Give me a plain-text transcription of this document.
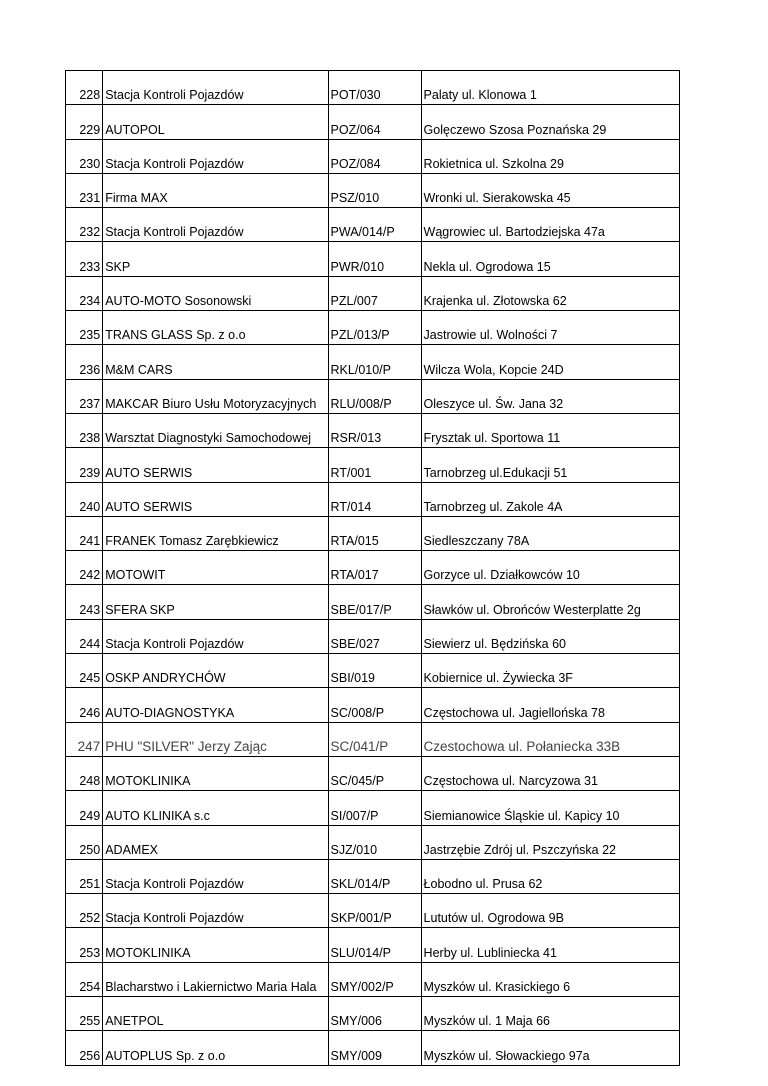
228	Stacja Kontroli Pojazdów	POT/030	Palaty ul. Klonowa 1
229	AUTOPOL	POZ/064	Golęczewo Szosa Poznańska 29
230	Stacja Kontroli Pojazdów	POZ/084	Rokietnica ul. Szkolna 29
231	Firma MAX	PSZ/010	Wronki ul. Sierakowska 45
232	Stacja Kontroli Pojazdów	PWA/014/P	Wągrowiec ul. Bartodziejska 47a
233	SKP	PWR/010	Nekla ul. Ogrodowa 15
234	AUTO-MOTO Sosonowski	PZL/007	Krajenka ul. Złotowska 62
235	TRANS GLASS Sp. z o.o	PZL/013/P	Jastrowie ul. Wolności 7
236	M&M CARS	RKL/010/P	Wilcza Wola, Kopcie 24D
237	MAKCAR Biuro Usłu Motoryzacyjnych	RLU/008/P	Oleszyce ul. Św. Jana 32
238	Warsztat Diagnostyki Samochodowej	RSR/013	Frysztak ul. Sportowa 11
239	AUTO SERWIS	RT/001	Tarnobrzeg ul.Edukacji 51
240	AUTO SERWIS	RT/014	Tarnobrzeg ul. Zakole 4A
241	FRANEK Tomasz Zarębkiewicz	RTA/015	Siedleszczany 78A
242	MOTOWIT	RTA/017	Gorzyce ul. Działkowców 10
243	SFERA SKP	SBE/017/P	Sławków ul. Obrońców Westerplatte 2g
244	Stacja Kontroli Pojazdów	SBE/027	Siewierz ul. Będzińska 60
245	OSKP ANDRYCHÓW	SBI/019	Kobiernice ul. Żywiecka 3F
246	AUTO-DIAGNOSTYKA	SC/008/P	Częstochowa ul. Jagiellońska 78
247	PHU "SILVER" Jerzy Zając	SC/041/P	Czestochowa ul. Połaniecka 33B
248	MOTOKLINIKA	SC/045/P	Częstochowa ul. Narcyzowa 31
249	AUTO KLINIKA s.c	SI/007/P	Siemianowice Śląskie ul. Kapicy 10
250	ADAMEX	SJZ/010	Jastrzębie Zdrój ul. Pszczyńska 22
251	Stacja Kontroli Pojazdów	SKL/014/P	Łobodno ul. Prusa 62
252	Stacja Kontroli Pojazdów	SKP/001/P	Lututów ul. Ogrodowa 9B
253	MOTOKLINIKA	SLU/014/P	Herby ul. Lubliniecka 41
254	Blacharstwo i Lakiernictwo Maria Hala	SMY/002/P	Myszków ul. Krasickiego 6
255	ANETPOL	SMY/006	Myszków ul. 1 Maja 66
256	AUTOPLUS Sp. z o.o	SMY/009	Myszków ul. Słowackiego 97a
